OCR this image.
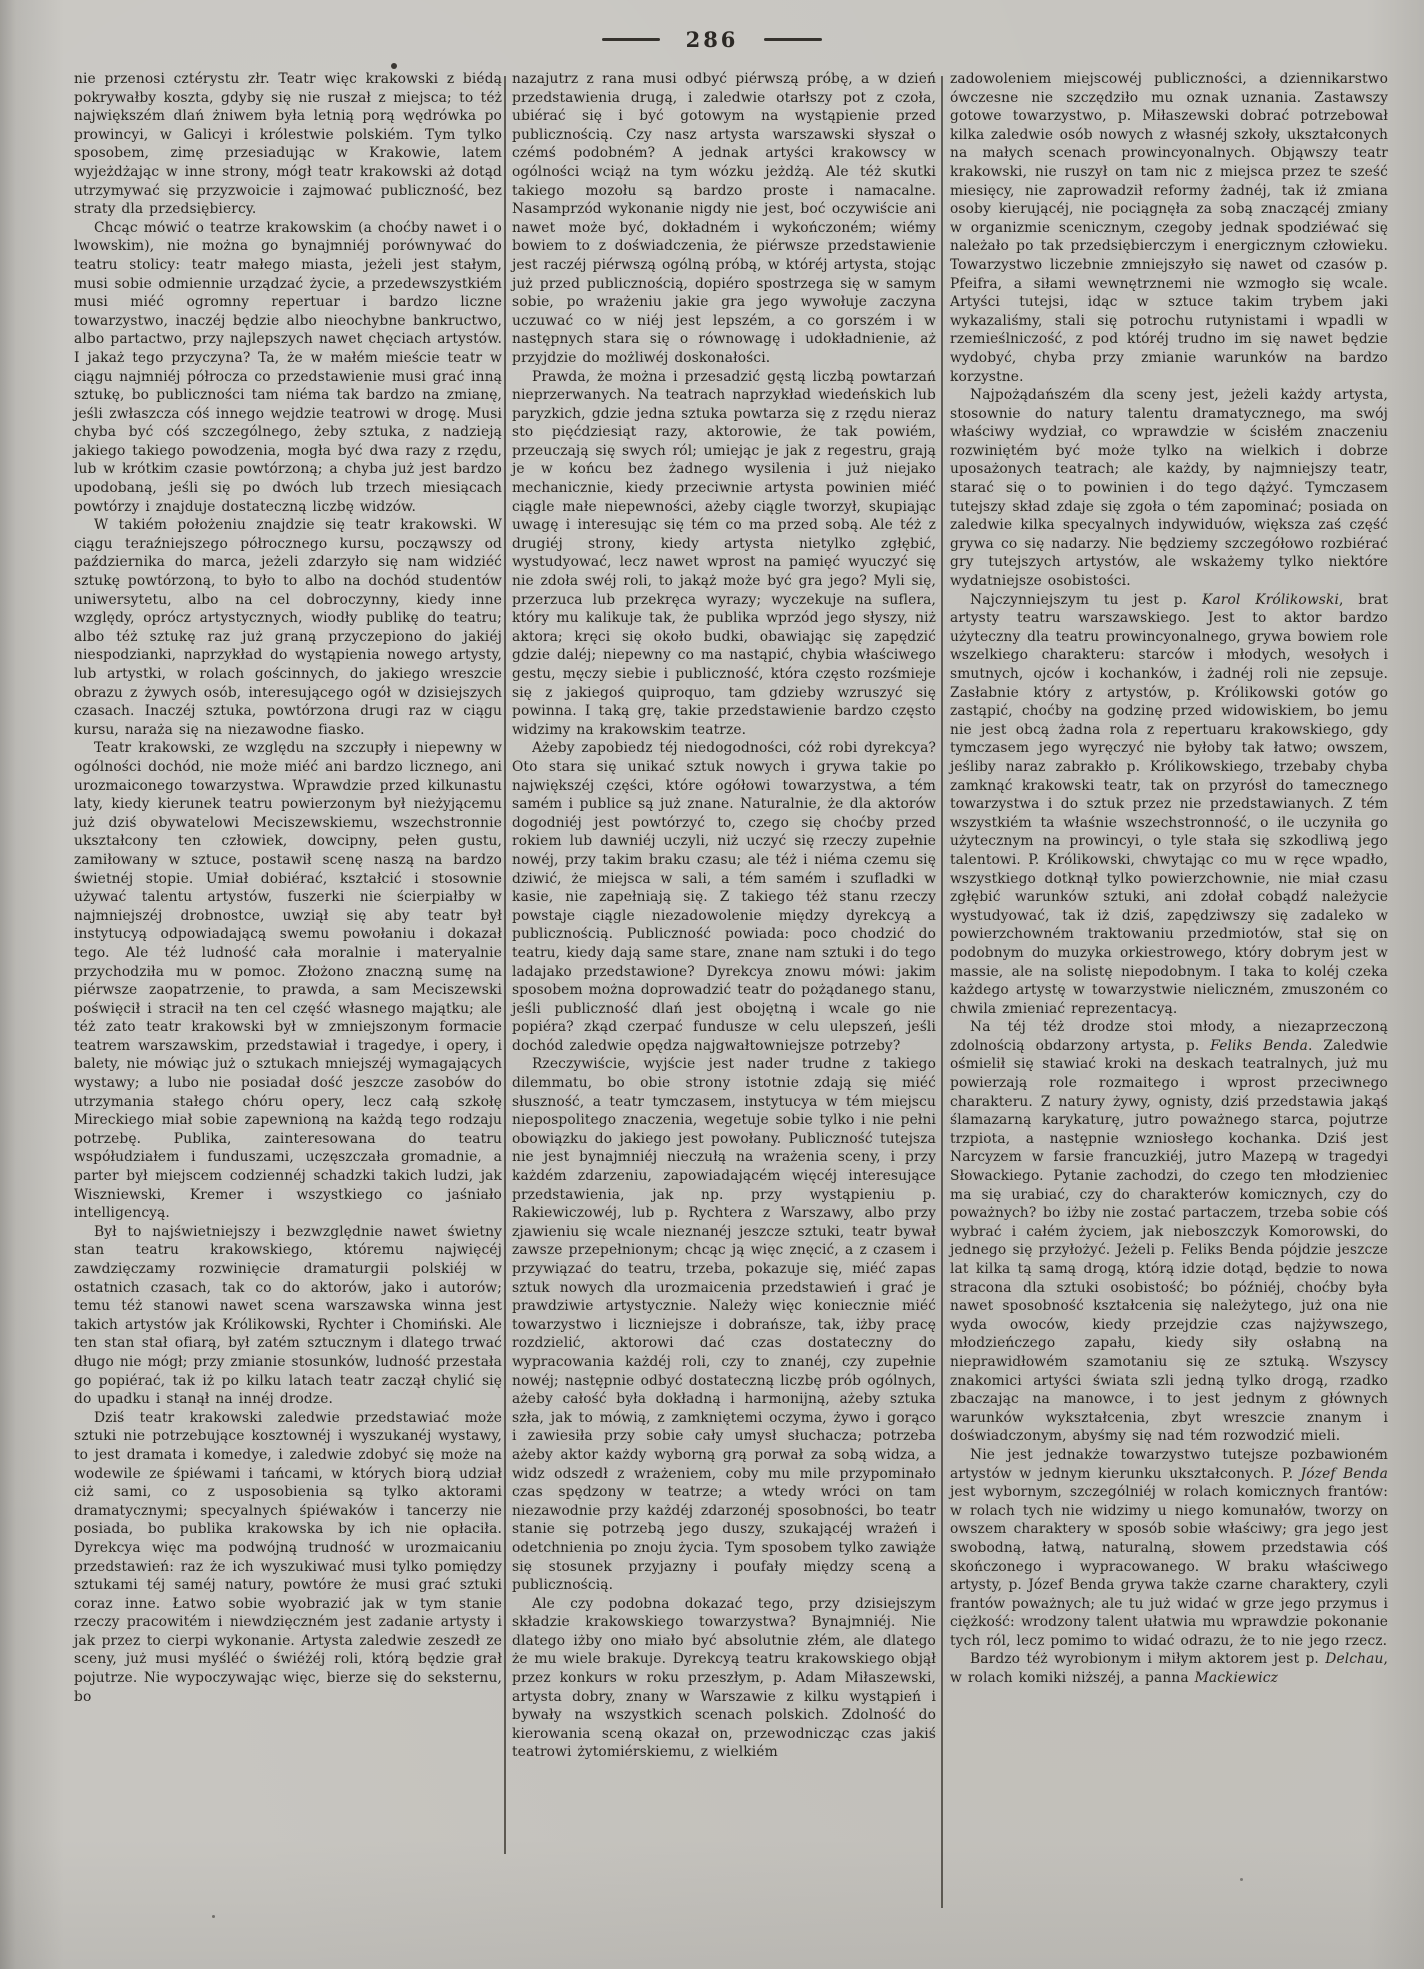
286

nie przenosi cztérystu złr. Teatr więc krakowski z biédą pokrywałby koszta, gdyby się nie ruszał z miejsca; to téż największém dlań żniwem była letnią porą wędrówka po prowincyi, w Galicyi i królestwie polskiém. Tym tylko sposobem, zimę przesiadując w Krakowie, latem wyjeżdżając w inne strony, mógł teatr krakowski aż dotąd utrzymywać się przyzwoicie i zajmować publiczność, bez straty dla przedsiębiercy.

Chcąc mówić o teatrze krakowskim (a choćby nawet i o lwowskim), nie można go bynajmniéj porównywać do teatru stolicy: teatr małego miasta, jeżeli jest stałym, musi sobie odmiennie urządzać życie, a przedewszystkiém musi miéć ogromny repertuar i bardzo liczne towarzystwo, inaczéj będzie albo nieochybne bankructwo, albo partactwo, przy najlepszych nawet chęciach artystów. I jakaż tego przyczyna? Ta, że w małém mieście teatr w ciągu najmniéj półrocza co przedstawienie musi grać inną sztukę, bo publiczności tam niéma tak bardzo na zmianę, jeśli zwłaszcza cóś innego wejdzie teatrowi w drogę. Musi chyba być cóś szczególnego, żeby sztuka, z nadzieją jakiego takiego powodzenia, mogła być dwa razy z rzędu, lub w krótkim czasie powtórzoną; a chyba już jest bardzo upodobaną, jeśli się po dwóch lub trzech miesiącach powtórzy i znajduje dostateczną liczbę widzów.

W takiém położeniu znajdzie się teatr krakowski. W ciągu teraźniejszego półrocznego kursu, począwszy od października do marca, jeżeli zdarzyło się nam widziéć sztukę powtórzoną, to było to albo na dochód studentów uniwersytetu, albo na cel dobroczynny, kiedy inne względy, oprócz artystycznych, wiodły publikę do teatru; albo téż sztukę raz już graną przyczepiono do jakiéj niespodzianki, naprzykład do wystąpienia nowego artysty, lub artystki, w rolach gościnnych, do jakiego wreszcie obrazu z żywych osób, interesującego ogół w dzisiejszych czasach. Inaczéj sztuka, powtórzona drugi raz w ciągu kursu, naraża się na niezawodne fiasko.

Teatr krakowski, ze względu na szczupły i niepewny w ogólności dochód, nie może miéć ani bardzo licznego, ani urozmaiconego towarzystwa. Wprawdzie przed kilkunastu laty, kiedy kierunek teatru powierzonym był nieżyjącemu już dziś obywatelowi Meciszewskiemu, wszechstronnie ukształcony ten człowiek, dowcipny, pełen gustu, zamiłowany w sztuce, postawił scenę naszą na bardzo świetnéj stopie. Umiał dobiérać, kształcić i stosownie używać talentu artystów, fuszerki nie ścierpiałby w najmniejszéj drobnostce, uwziął się aby teatr był instytucyą odpowiadającą swemu powołaniu i dokazał tego. Ale téż ludność cała moralnie i materyalnie przychodziła mu w pomoc. Złożono znaczną sumę na piérwsze zaopatrzenie, to prawda, a sam Meciszewski poświęcił i stracił na ten cel część własnego majątku; ale téż zato teatr krakowski był w zmniejszonym formacie teatrem warszawskim, przedstawiał i tragedye, i opery, i balety, nie mówiąc już o sztukach mniejszéj wymagających wystawy; a lubo nie posiadał dość jeszcze zasobów do utrzymania stałego chóru opery, lecz całą szkołę Mireckiego miał sobie zapewnioną na każdą tego rodzaju potrzebę. Publika, zainteresowana do teatru współudziałem i funduszami, uczęszczała gromadnie, a parter był miejscem codziennéj schadzki takich ludzi, jak Wiszniewski, Kremer i wszystkiego co jaśniało intelligencyą.

Był to najświetniejszy i bezwzględnie nawet świetny stan teatru krakowskiego, któremu najwięcéj zawdzięczamy rozwinięcie dramaturgii polskiéj w ostatnich czasach, tak co do aktorów, jako i autorów; temu téż stanowi nawet scena warszawska winna jest takich artystów jak Królikowski, Rychter i Chomiński. Ale ten stan stał ofiarą, był zatém sztucznym i dlatego trwać długo nie mógł; przy zmianie stosunków, ludność przestała go popiérać, tak iż po kilku latach teatr zaczął chylić się do upadku i stanął na innéj drodze.

Dziś teatr krakowski zaledwie przedstawiać może sztuki nie potrzebujące kosztownéj i wyszukanéj wystawy, to jest dramata i komedye, i zaledwie zdobyć się może na wodewile ze śpiéwami i tańcami, w których biorą udział ciż sami, co z usposobienia są tylko aktorami dramatycznymi; specyalnych śpiéwaków i tancerzy nie posiada, bo publika krakowska by ich nie opłaciła. Dyrekcya więc ma podwójną trudność w urozmaicaniu przedstawień: raz że ich wyszukiwać musi tylko pomiędzy sztukami téj saméj natury, powtóre że musi grać sztuki coraz inne. Łatwo sobie wyobrazić jak w tym stanie rzeczy pracowitém i niewdzięczném jest zadanie artysty i jak przez to cierpi wykonanie. Artysta zaledwie zeszedł ze sceny, już musi myśléć o świéżéj roli, którą będzie grał pojutrze. Nie wypoczywając więc, bierze się do seksternu, bo

nazajutrz z rana musi odbyć piérwszą próbę, a w dzień przedstawienia drugą, i zaledwie otarłszy pot z czoła, ubiérać się i być gotowym na wystąpienie przed publicznością. Czy nasz artysta warszawski słyszał o czémś podobném? A jednak artyści krakowscy w ogólności wciąż na tym wózku jeżdżą. Ale téż skutki takiego mozołu są bardzo proste i namacalne. Nasamprzód wykonanie nigdy nie jest, boć oczywiście ani nawet może być, dokładném i wykończoném; wiémy bowiem to z doświadczenia, że piérwsze przedstawienie jest raczéj piérwszą ogólną próbą, w któréj artysta, stojąc już przed publicznością, dopiéro spostrzega się w samym sobie, po wrażeniu jakie gra jego wywołuje zaczyna uczuwać co w niéj jest lepszém, a co gorszém i w następnych stara się o równowagę i udokładnienie, aż przyjdzie do możliwéj doskonałości.

Prawda, że można i przesadzić gęstą liczbą powtarzań nieprzerwanych. Na teatrach naprzykład wiedeńskich lub paryzkich, gdzie jedna sztuka powtarza się z rzędu nieraz sto pięćdziesiąt razy, aktorowie, że tak powiém, przeuczają się swych ról; umiejąc je jak z regestru, grają je w końcu bez żadnego wysilenia i już niejako mechanicznie, kiedy przeciwnie artysta powinien miéć ciągle małe niepewności, ażeby ciągle tworzył, skupiając uwagę i interesując się tém co ma przed sobą. Ale téż z drugiéj strony, kiedy artysta nietylko zgłębić, wystudyować, lecz nawet wprost na pamięć wyuczyć się nie zdoła swéj roli, to jakąż może być gra jego? Myli się, przerzuca lub przekręca wyrazy; wyczekuje na suflera, który mu kalikuje tak, że publika wprzód jego słyszy, niż aktora; kręci się około budki, obawiając się zapędzić gdzie daléj; niepewny co ma nastąpić, chybia właściwego gestu, męczy siebie i publiczność, która często rozśmieje się z jakiegoś quiproquo, tam gdzieby wzruszyć się powinna. I taką grę, takie przedstawienie bardzo często widzimy na krakowskim teatrze.

Ażeby zapobiedz téj niedogodności, cóż robi dyrekcya? Oto stara się unikać sztuk nowych i grywa takie po największéj części, które ogółowi towarzystwa, a tém samém i publice są już znane. Naturalnie, że dla aktorów dogodniéj jest powtórzyć to, czego się choćby przed rokiem lub dawniéj uczyli, niż uczyć się rzeczy zupełnie nowéj, przy takim braku czasu; ale téż i niéma czemu się dziwić, że miejsca w sali, a tém samém i szufladki w kasie, nie zapełniają się. Z takiego téż stanu rzeczy powstaje ciągle niezadowolenie między dyrekcyą a publicznością. Publiczność powiada: poco chodzić do teatru, kiedy dają same stare, znane nam sztuki i do tego ladajako przedstawione? Dyrekcya znowu mówi: jakim sposobem można doprowadzić teatr do pożądanego stanu, jeśli publiczność dlań jest obojętną i wcale go nie popiéra? zkąd czerpać fundusze w celu ulepszeń, jeśli dochód zaledwie opędza najgwałtowniejsze potrzeby?

Rzeczywiście, wyjście jest nader trudne z takiego dilemmatu, bo obie strony istotnie zdają się miéć słuszność, a teatr tymczasem, instytucya w tém miejscu niepospolitego znaczenia, wegetuje sobie tylko i nie pełni obowiązku do jakiego jest powołany. Publiczność tutejsza nie jest bynajmniéj nieczułą na wrażenia sceny, i przy każdém zdarzeniu, zapowiadającém więcéj interesujące przedstawienia, jak np. przy wystąpieniu p. Rakiewiczowéj, lub p. Rychtera z Warszawy, albo przy zjawieniu się wcale nieznanéj jeszcze sztuki, teatr bywał zawsze przepełnionym; chcąc ją więc znęcić, a z czasem i przywiązać do teatru, trzeba, pokazuje się, miéć zapas sztuk nowych dla urozmaicenia przedstawień i grać je prawdziwie artystycznie. Należy więc koniecznie miéć towarzystwo i liczniejsze i dobrańsze, tak, iżby pracę rozdzielić, aktorowi dać czas dostateczny do wypracowania każdéj roli, czy to znanéj, czy zupełnie nowéj; następnie odbyć dostateczną liczbę prób ogólnych, ażeby całość była dokładną i harmonijną, ażeby sztuka szła, jak to mówią, z zamkniętemi oczyma, żywo i gorąco i zawiesiła przy sobie cały umysł słuchacza; potrzeba ażeby aktor każdy wyborną grą porwał za sobą widza, a widz odszedł z wrażeniem, coby mu mile przypominało czas spędzony w teatrze; a wtedy wróci on tam niezawodnie przy każdéj zdarzonéj sposobności, bo teatr stanie się potrzebą jego duszy, szukającéj wrażeń i odetchnienia po znoju życia. Tym sposobem tylko zawiąże się stosunek przyjazny i poufały między sceną a publicznością.

Ale czy podobna dokazać tego, przy dzisiejszym składzie krakowskiego towarzystwa? Bynajmniéj. Nie dlatego iżby ono miało być absolutnie złém, ale dlatego że mu wiele brakuje. Dyrekcyą teatru krakowskiego objął przez konkurs w roku przeszłym, p. Adam Miłaszewski, artysta dobry, znany w Warszawie z kilku wystąpień i bywały na wszystkich scenach polskich. Zdolność do kierowania sceną okazał on, przewodnicząc czas jakiś teatrowi żytomiérskiemu, z wielkiém

zadowoleniem miejscowéj publiczności, a dziennikarstwo ówczesne nie szczędziło mu oznak uznania. Zastawszy gotowe towarzystwo, p. Miłaszewski dobrać potrzebował kilka zaledwie osób nowych z własnéj szkoły, ukształconych na małych scenach prowincyonalnych. Objąwszy teatr krakowski, nie ruszył on tam nic z miejsca przez te sześć miesięcy, nie zaprowadził reformy żadnéj, tak iż zmiana osoby kierującéj, nie pociągnęła za sobą znaczącéj zmiany w organizmie scenicznym, czegoby jednak spodziéwać się należało po tak przedsiębierczym i energicznym człowieku. Towarzystwo liczebnie zmniejszyło się nawet od czasów p. Pfeifra, a siłami wewnętrznemi nie wzmogło się wcale. Artyści tutejsi, idąc w sztuce takim trybem jaki wykazaliśmy, stali się potrochu rutynistami i wpadli w rzemieślniczość, z pod któréj trudno im się nawet będzie wydobyć, chyba przy zmianie warunków na bardzo korzystne.

Najpożądańszém dla sceny jest, jeżeli każdy artysta, stosownie do natury talentu dramatycznego, ma swój właściwy wydział, co wprawdzie w ścisłém znaczeniu rozwiniętém być może tylko na wielkich i dobrze uposażonych teatrach; ale każdy, by najmniejszy teatr, starać się o to powinien i do tego dążyć. Tymczasem tutejszy skład zdaje się zgoła o tém zapominać; posiada on zaledwie kilka specyalnych indywiduów, większa zaś część grywa co się nadarzy. Nie będziemy szczegółowo rozbiérać gry tutejszych artystów, ale wskażemy tylko niektóre wydatniejsze osobistości.

Najczynniejszym tu jest p. Karol Królikowski, brat artysty teatru warszawskiego. Jest to aktor bardzo użyteczny dla teatru prowincyonalnego, grywa bowiem role wszelkiego charakteru: starców i młodych, wesołych i smutnych, ojców i kochanków, i żadnéj roli nie zepsuje. Zasłabnie który z artystów, p. Królikowski gotów go zastąpić, choćby na godzinę przed widowiskiem, bo jemu nie jest obcą żadna rola z repertuaru krakowskiego, gdy tymczasem jego wyręczyć nie byłoby tak łatwo; owszem, jeśliby naraz zabrakło p. Królikowskiego, trzebaby chyba zamknąć krakowski teatr, tak on przyrósł do tamecznego towarzystwa i do sztuk przez nie przedstawianych. Z tém wszystkiém ta właśnie wszechstronność, o ile uczyniła go użytecznym na prowincyi, o tyle stała się szkodliwą jego talentowi. P. Królikowski, chwytając co mu w ręce wpadło, wszystkiego dotknął tylko powierzchownie, nie miał czasu zgłębić warunków sztuki, ani zdołał cobądź należycie wystudyować, tak iż dziś, zapędziwszy się zadaleko w powierzchowném traktowaniu przedmiotów, stał się on podobnym do muzyka orkiestrowego, który dobrym jest w massie, ale na solistę niepodobnym. I taka to koléj czeka każdego artystę w towarzystwie nieliczném, zmuszoném co chwila zmieniać reprezentacyą.

Na téj téż drodze stoi młody, a niezaprzeczoną zdolnością obdarzony artysta, p. Feliks Benda. Zaledwie ośmielił się stawiać kroki na deskach teatralnych, już mu powierzają role rozmaitego i wprost przeciwnego charakteru. Z natury żywy, ognisty, dziś przedstawia jakąś ślamazarną karykaturę, jutro poważnego starca, pojutrze trzpiota, a następnie wzniosłego kochanka. Dziś jest Narcyzem w farsie francuzkiéj, jutro Mazepą w tragedyi Słowackiego. Pytanie zachodzi, do czego ten młodzieniec ma się urabiać, czy do charakterów komicznych, czy do poważnych? bo iżby nie zostać partaczem, trzeba sobie cóś wybrać i całém życiem, jak nieboszczyk Komorowski, do jednego się przyłożyć. Jeżeli p. Feliks Benda pójdzie jeszcze lat kilka tą samą drogą, którą idzie dotąd, będzie to nowa stracona dla sztuki osobistość; bo późniéj, choćby była nawet sposobność kształcenia się należytego, już ona nie wyda owoców, kiedy przejdzie czas najżywszego, młodzieńczego zapału, kiedy siły osłabną na nieprawidłowém szamotaniu się ze sztuką. Wszyscy znakomici artyści świata szli jedną tylko drogą, rzadko zbaczając na manowce, i to jest jednym z głównych warunków wykształcenia, zbyt wreszcie znanym i doświadczonym, abyśmy się nad tém rozwodzić mieli.

Nie jest jednakże towarzystwo tutejsze pozbawioném artystów w jednym kierunku ukształconych. P. Józef Benda jest wybornym, szczególniéj w rolach komicznych frantów: w rolach tych nie widzimy u niego komunałów, tworzy on owszem charaktery w sposób sobie właściwy; gra jego jest swobodną, łatwą, naturalną, słowem przedstawia cóś skończonego i wypracowanego. W braku właściwego artysty, p. Józef Benda grywa także czarne charaktery, czyli frantów poważnych; ale tu już widać w grze jego przymus i ciężkość: wrodzony talent ułatwia mu wprawdzie pokonanie tych ról, lecz pomimo to widać odrazu, że to nie jego rzecz.

Bardzo téż wyrobionym i miłym aktorem jest p. Delchau, w rolach komiki niższéj, a panna Mackiewicz
